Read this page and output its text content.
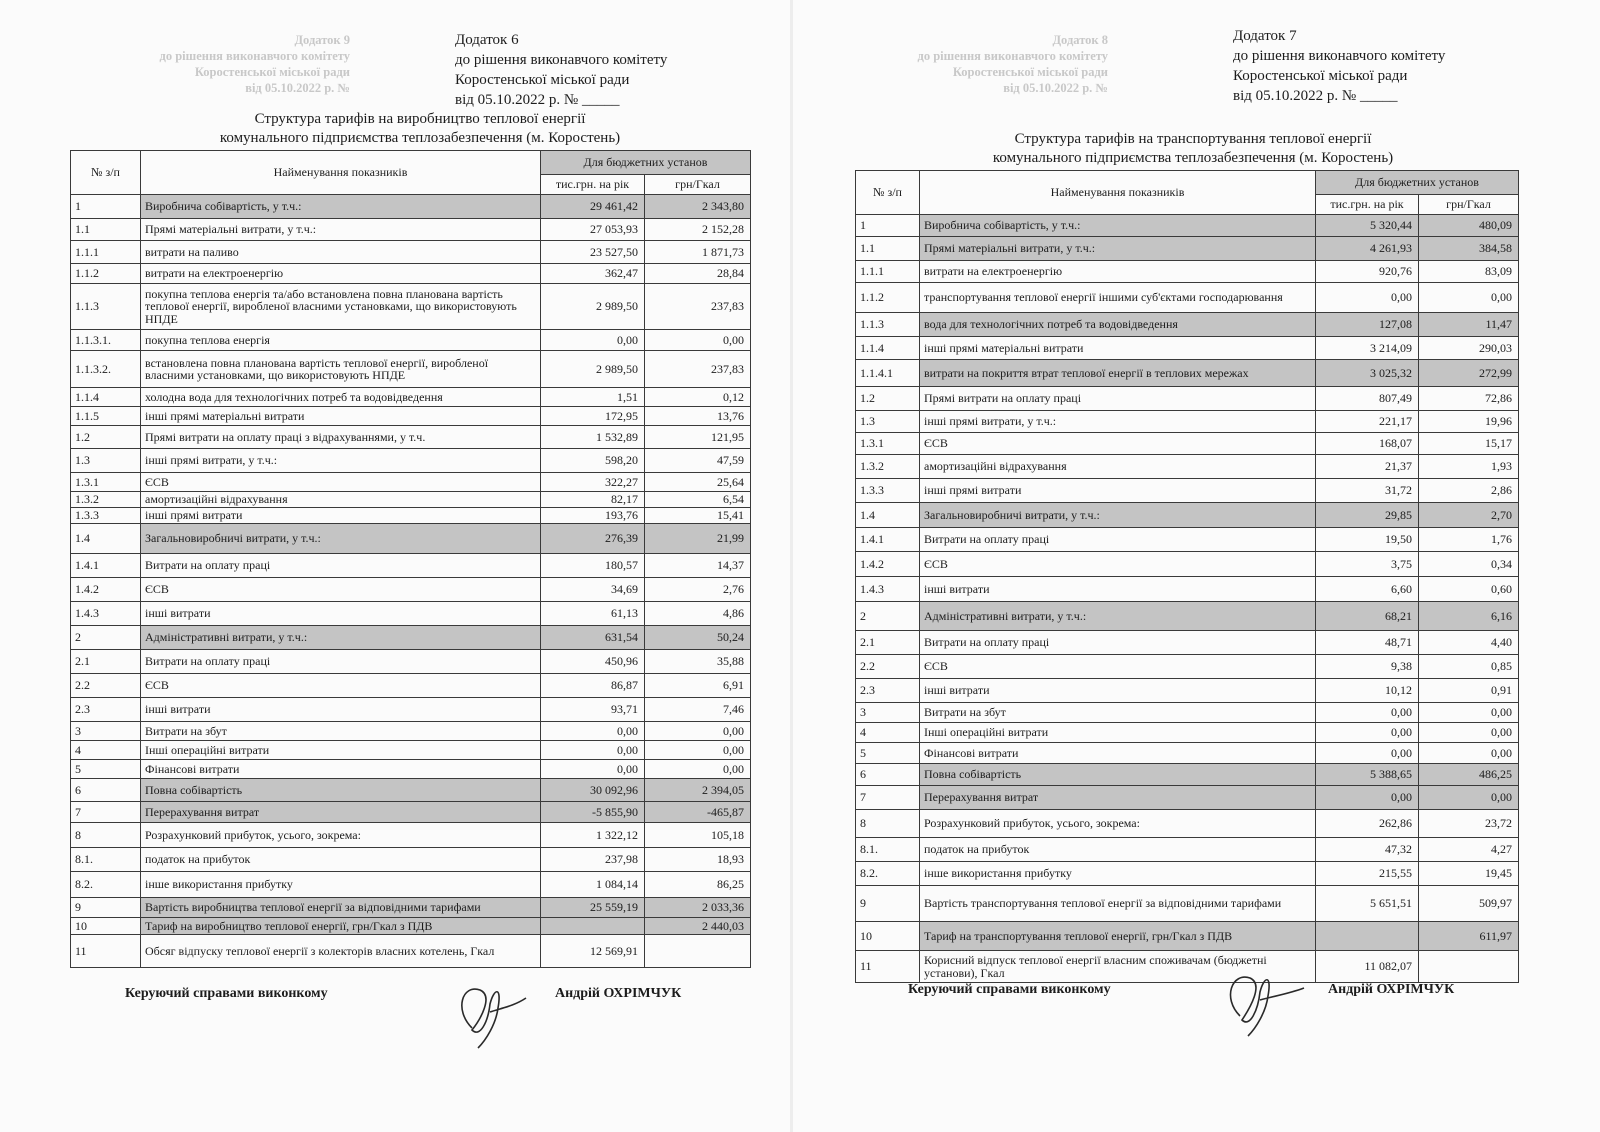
Додаток 9
до рішення виконавчого комітету
Коростенської міської ради
від 05.10.2022 р. №
Додаток 6
до рішення виконавчого комітету
Коростенської міської ради
від 05.10.2022 р. № _____
Структура тарифів на виробництво теплової енергії
комунального підприємства теплозабезпечення (м. Коростень)
№ з/п	Найменування показників	Для бюджетних установ	
		тис.грн. на рік	грн/Гкал
1	Виробнича собівартість, у т.ч.:	29 461,42	2 343,80
1.1	Прямі матеріальні витрати, у т.ч.:	27 053,93	2 152,28
1.1.1	витрати на паливо	23 527,50	1 871,73
1.1.2	витрати на електроенергію	362,47	28,84
1.1.3	покупна теплова енергія та/або встановлена повна планована вартість теплової енергії, виробленої власними установками, що використовують НПДЕ	2 989,50	237,83
1.1.3.1.	покупна теплова енергія	0,00	0,00
1.1.3.2.	встановлена повна планована вартість теплової енергії, виробленої власними установками, що використовують НПДЕ	2 989,50	237,83
1.1.4	холодна вода для технологічних потреб та водовідведення	1,51	0,12
1.1.5	інші прямі матеріальні витрати	172,95	13,76
1.2	Прямі витрати на оплату праці з відрахуваннями, у т.ч.	1 532,89	121,95
1.3	інші прямі витрати, у т.ч.:	598,20	47,59
1.3.1	ЄСВ	322,27	25,64
1.3.2	амортизаційні відрахування	82,17	6,54
1.3.3	інші прямі витрати	193,76	15,41
1.4	Загальновиробничі витрати, у т.ч.:	276,39	21,99
1.4.1	Витрати на оплату праці	180,57	14,37
1.4.2	ЄСВ	34,69	2,76
1.4.3	інші витрати	61,13	4,86
2	Адміністративні витрати, у т.ч.:	631,54	50,24
2.1	Витрати на оплату праці	450,96	35,88
2.2	ЄСВ	86,87	6,91
2.3	інші витрати	93,71	7,46
3	Витрати на збут	0,00	0,00
4	Інші операційні витрати	0,00	0,00
5	Фінансові витрати	0,00	0,00
6	Повна собівартість	30 092,96	2 394,05
7	Перерахування витрат	-5 855,90	-465,87
8	Розрахунковий прибуток, усього, зокрема:	1 322,12	105,18
8.1.	податок на прибуток	237,98	18,93
8.2.	інше використання прибутку	1 084,14	86,25
9	Вартість виробництва теплової енергії за відповідними тарифами	25 559,19	2 033,36
10	Тариф на виробництво теплової енергії, грн/Гкал з ПДВ		2 440,03
11	Обсяг відпуску теплової енергії з колекторів власних котелень, Гкал	12 569,91	
Керуючий справами виконкому	Андрій ОХРІМЧУК
Додаток 8
до рішення виконавчого комітету
Коростенської міської ради
від 05.10.2022 р. №
Додаток 7
до рішення виконавчого комітету
Коростенської міської ради
від 05.10.2022 р. № _____
Структура тарифів на транспортування теплової енергії
комунального підприємства теплозабезпечення (м. Коростень)
№ з/п	Найменування показників	Для бюджетних установ	
		тис.грн. на рік	грн/Гкал
1	Виробнича собівартість, у т.ч.:	5 320,44	480,09
1.1	Прямі матеріальні витрати, у т.ч.:	4 261,93	384,58
1.1.1	витрати на електроенергію	920,76	83,09
1.1.2	транспортування теплової енергії іншими суб'єктами господарювання	0,00	0,00
1.1.3	вода для технологічних потреб та водовідведення	127,08	11,47
1.1.4	інші прямі матеріальні витрати	3 214,09	290,03
1.1.4.1	витрати на покриття втрат теплової енергії в теплових мережах	3 025,32	272,99
1.2	Прямі витрати на оплату праці	807,49	72,86
1.3	інші прямі витрати, у т.ч.:	221,17	19,96
1.3.1	ЄСВ	168,07	15,17
1.3.2	амортизаційні відрахування	21,37	1,93
1.3.3	інші прямі витрати	31,72	2,86
1.4	Загальновиробничі витрати, у т.ч.:	29,85	2,70
1.4.1	Витрати на оплату праці	19,50	1,76
1.4.2	ЄСВ	3,75	0,34
1.4.3	інші витрати	6,60	0,60
2	Адміністративні витрати, у т.ч.:	68,21	6,16
2.1	Витрати на оплату праці	48,71	4,40
2.2	ЄСВ	9,38	0,85
2.3	інші витрати	10,12	0,91
3	Витрати на збут	0,00	0,00
4	Інші операційні витрати	0,00	0,00
5	Фінансові витрати	0,00	0,00
6	Повна собівартість	5 388,65	486,25
7	Перерахування витрат	0,00	0,00
8	Розрахунковий прибуток, усього, зокрема:	262,86	23,72
8.1.	податок на прибуток	47,32	4,27
8.2.	інше використання прибутку	215,55	19,45
9	Вартість транспортування теплової енергії за відповідними тарифами	5 651,51	509,97
10	Тариф на транспортування теплової енергії, грн/Гкал з ПДВ		611,97
11	Корисний відпуск теплової енергії власним споживачам (бюджетні установи), Гкал	11 082,07	
Керуючий справами виконкому	Андрій ОХРІМЧУК
